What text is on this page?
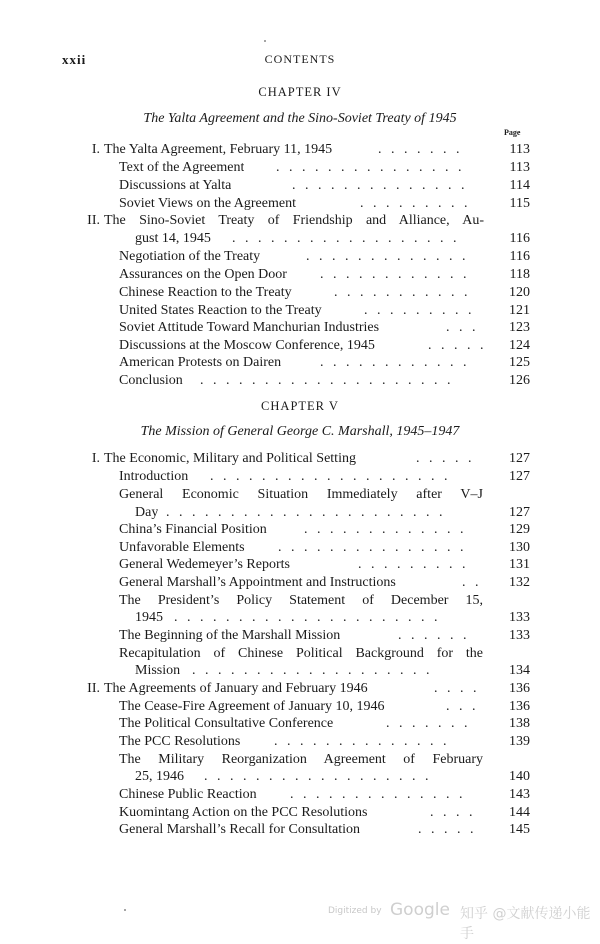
xxii	CONTENTS
CHAPTER IV
The Yalta Agreement and the Sino-Soviet Treaty of 1945
Page
I. The Yalta Agreement, February 11, 1945	. . . . . . .	113
Text of the Agreement . . . . . . . . . . . . . . .	113
Discussions at Yalta	. . . . . . . . . . . . . .	114
Soviet Views on the Agreement	. . . . . . . . .	115
II. The Sino-Soviet Treaty of Friendship and Alliance, Au-
gust 14, 1945 . . . . . . . . . . . . . . . . . .	116
Negotiation of the Treaty	. . . . . . . . . . . . .	116
Assurances on the Open Door . . . . . . . . . . . .	118
Chinese Reaction to the Treaty	. . . . . . . . . . .	120
United States Reaction to the Treaty	. . . . . . . . .	121
Soviet Attitude Toward Manchurian Industries	. . .	123
Discussions at the Moscow Conference, 1945	. . . . .	124
American Protests on Dairen	. . . . . . . . . . . .	125
Conclusion . . . . . . . . . . . . . . . . . . . .	126
CHAPTER V
The Mission of General George C. Marshall, 1945–1947
I. The Economic, Military and Political Setting	. . . . .	127
Introduction . . . . . . . . . . . . . . . . . . .	127
General Economic Situation Immediately after V–J
Day . . . . . . . . . . . . . . . . . . . . . .	127
China’s Financial Position	. . . . . . . . . . . . .	129
Unfavorable Elements . . . . . . . . . . . . . . .	130
General Wedemeyer’s Reports	. . . . . . . . .	131
General Marshall’s Appointment and Instructions	. .	132
The President’s Policy Statement of December 15,
1945 . . . . . . . . . . . . . . . . . . . . .	133
The Beginning of the Marshall Mission	. . . . . .	133
Recapitulation of Chinese Political Background for the
Mission . . . . . . . . . . . . . . . . . . .	134
II. The Agreements of January and February 1946	. . . .	136
The Cease-Fire Agreement of January 10, 1946	. . .	136
The Political Consultative Conference	. . . . . . .	138
The PCC Resolutions . . . . . . . . . . . . . .	139
The Military Reorganization Agreement of February
25, 1946 . . . . . . . . . . . . . . . . . .	140
Chinese Public Reaction . . . . . . . . . . . . . .	143
Kuomintang Action on the PCC Resolutions	. . . .	144
General Marshall’s Recall for Consultation	. . . . .	145
Digitized by Google 知乎 @文献传递小能手
